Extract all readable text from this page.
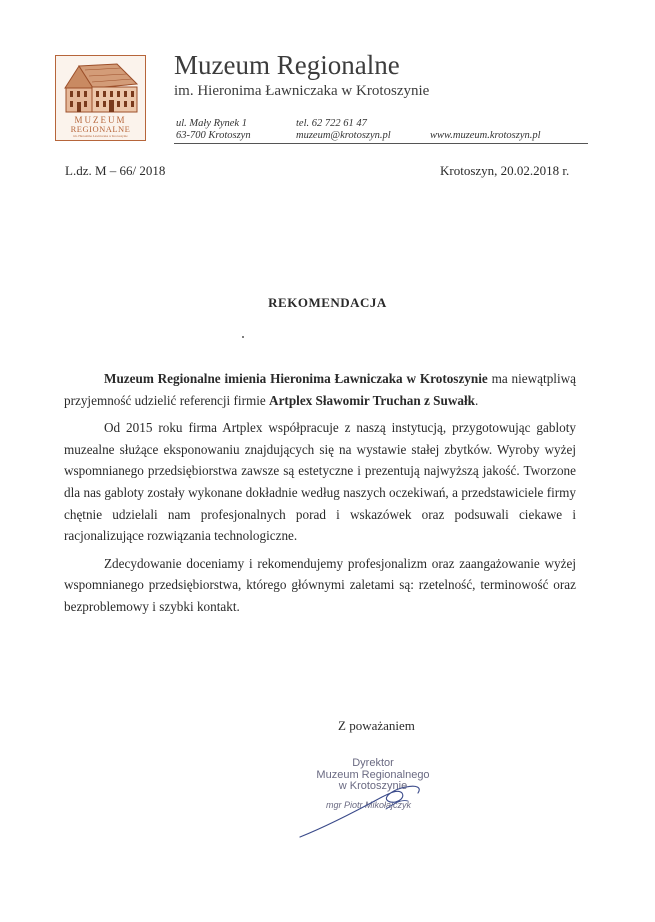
MUZEUM
REGIONALNE
im. Hieronima Ławniczaka w Krotoszynie
Muzeum Regionalne
im. Hieronima Ławniczaka w Krotoszynie
ul. Mały Rynek 1
63-700 Krotoszyn
tel. 62 722 61 47
muzeum@krotoszyn.pl	www.muzeum.krotoszyn.pl
L.dz. M – 66/ 2018	Krotoszyn, 20.02.2018 r.
REKOMENDACJA

Muzeum Regionalne imienia Hieronima Ławniczaka w Krotoszynie ma niewątpliwą przyjemność udzielić referencji firmie Artplex Sławomir Truchan z Suwałk.

Od 2015 roku firma Artplex współpracuje z naszą instytucją, przygotowując gabloty muzealne służące eksponowaniu znajdujących się na wystawie stałej zbytków. Wyroby wyżej wspomnianego przedsiębiorstwa zawsze są estetyczne i prezentują najwyższą jakość. Tworzone dla nas gabloty zostały wykonane dokładnie według naszych oczekiwań, a przedstawiciele firmy chętnie udzielali nam profesjonalnych porad i wskazówek oraz podsuwali ciekawe i racjonalizujące rozwiązania technologiczne.

Zdecydowanie doceniamy i rekomendujemy profesjonalizm oraz zaangażowanie wyżej wspomnianego przedsiębiorstwa, którego głównymi zaletami są: rzetelność, terminowość oraz bezproblemowy i szybki kontakt.

Z poważaniem
Dyrektor
Muzeum Regionalnego
w Krotoszynie
mgr Piotr Mikołajczyk
